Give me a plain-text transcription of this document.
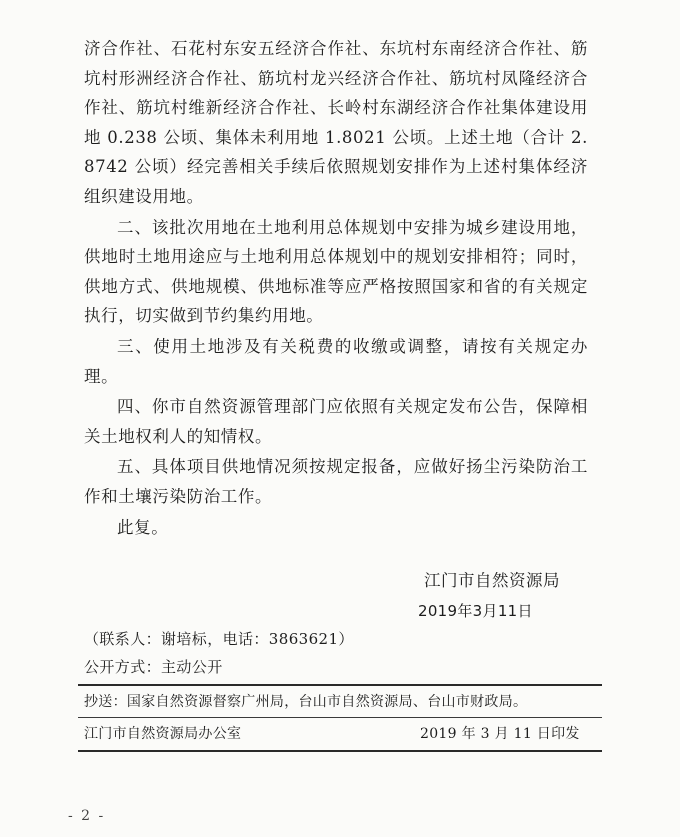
济合作社、石花村东安五经济合作社、东坑村东南经济合作社、筋坑村形洲经济合作社、筋坑村龙兴经济合作社、筋坑村凤隆经济合作社、筋坑村维新经济合作社、长岭村东湖经济合作社集体建设用地 0.238 公顷、集体未利用地 1.8021 公顷。上述土地（合计 2.8742 公顷）经完善相关手续后依照规划安排作为上述村集体经济组织建设用地。

二、该批次用地在土地利用总体规划中安排为城乡建设用地，供地时土地用途应与土地利用总体规划中的规划安排相符；同时，供地方式、供地规模、供地标准等应严格按照国家和省的有关规定执行，切实做到节约集约用地。

三、使用土地涉及有关税费的收缴或调整，请按有关规定办理。

四、你市自然资源管理部门应依照有关规定发布公告，保障相关土地权利人的知情权。

五、具体项目供地情况须按规定报备，应做好扬尘污染防治工作和土壤污染防治工作。

此复。

江门市自然资源局
2019年3月11日
（联系人：谢培标，电话：3863621）
公开方式：主动公开
抄送：国家自然资源督察广州局，台山市自然资源局、台山市财政局。
江门市自然资源局办公室	2019 年 3 月 11 日印发
- 2 -
